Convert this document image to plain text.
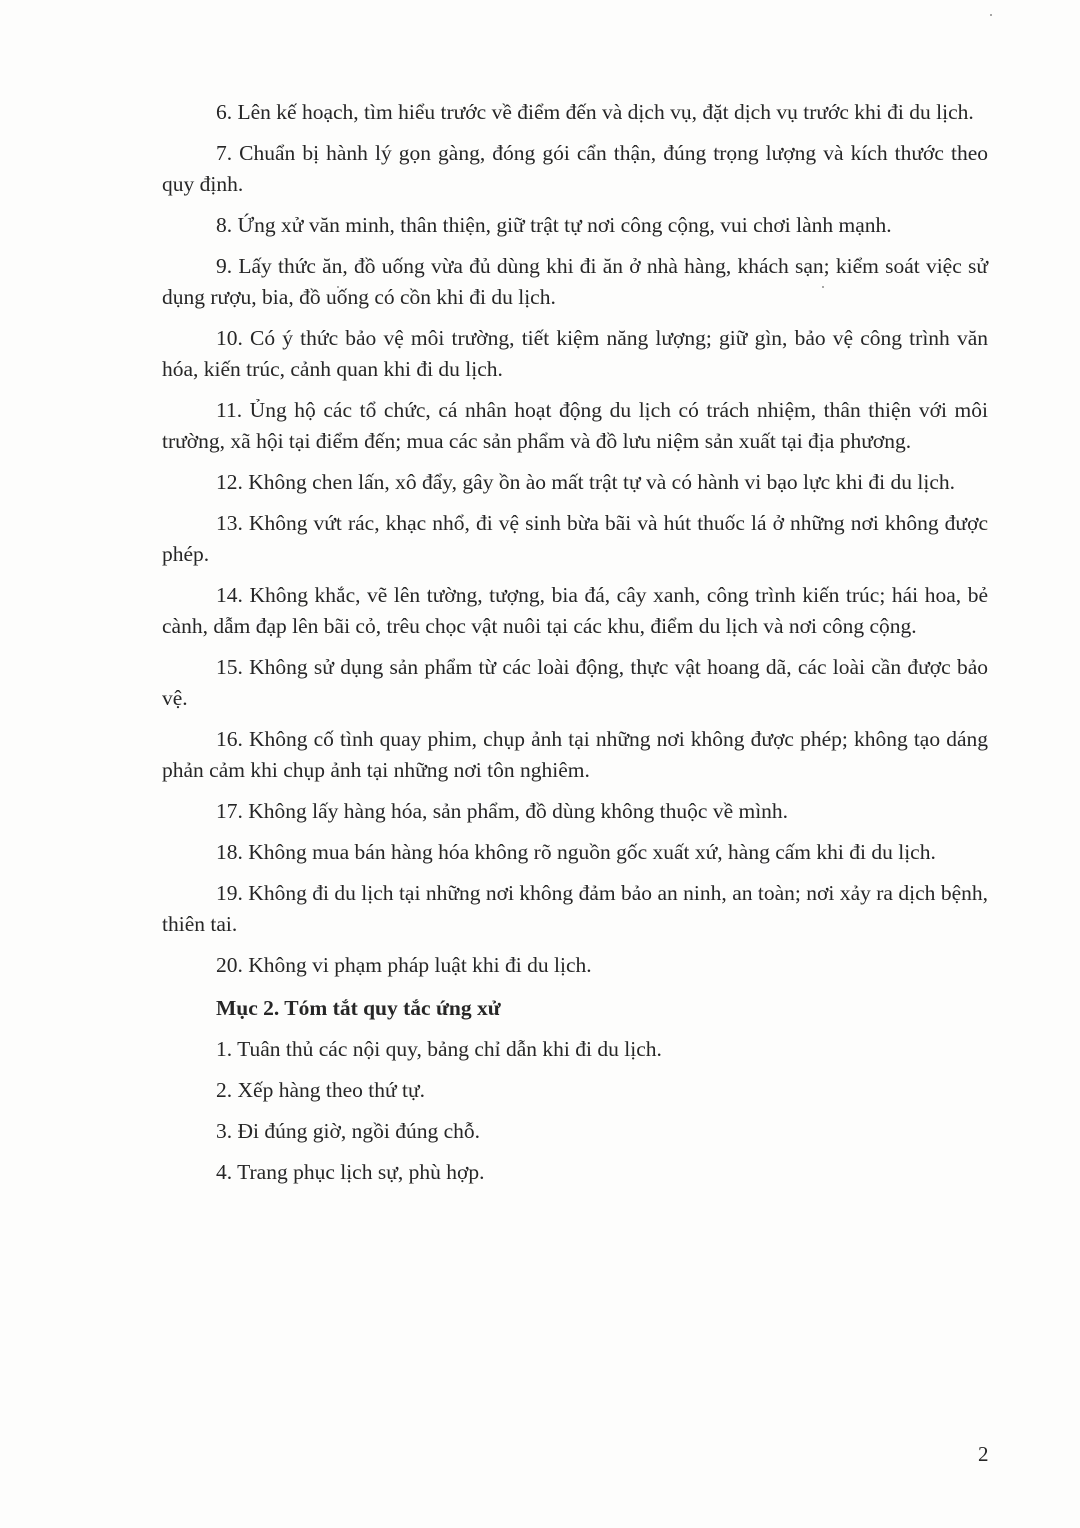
6. Lên kế hoạch, tìm hiểu trước về điểm đến và dịch vụ, đặt dịch vụ trước khi đi du lịch.

7. Chuẩn bị hành lý gọn gàng, đóng gói cẩn thận, đúng trọng lượng và kích thước theo quy định.

8. Ứng xử văn minh, thân thiện, giữ trật tự nơi công cộng, vui chơi lành mạnh.

9. Lấy thức ăn, đồ uống vừa đủ dùng khi đi ăn ở nhà hàng, khách sạn; kiểm soát việc sử dụng rượu, bia, đồ uống có cồn khi đi du lịch.

10. Có ý thức bảo vệ môi trường, tiết kiệm năng lượng; giữ gìn, bảo vệ công trình văn hóa, kiến trúc, cảnh quan khi đi du lịch.

11. Ủng hộ các tổ chức, cá nhân hoạt động du lịch có trách nhiệm, thân thiện với môi trường, xã hội tại điểm đến; mua các sản phẩm và đồ lưu niệm sản xuất tại địa phương.

12. Không chen lấn, xô đẩy, gây ồn ào mất trật tự và có hành vi bạo lực khi đi du lịch.

13. Không vứt rác, khạc nhổ, đi vệ sinh bừa bãi và hút thuốc lá ở những nơi không được phép.

14. Không khắc, vẽ lên tường, tượng, bia đá, cây xanh, công trình kiến trúc; hái hoa, bẻ cành, dẫm đạp lên bãi cỏ, trêu chọc vật nuôi tại các khu, điểm du lịch và nơi công cộng.

15. Không sử dụng sản phẩm từ các loài động, thực vật hoang dã, các loài cần được bảo vệ.

16. Không cố tình quay phim, chụp ảnh tại những nơi không được phép; không tạo dáng phản cảm khi chụp ảnh tại những nơi tôn nghiêm.

17. Không lấy hàng hóa, sản phẩm, đồ dùng không thuộc về mình.

18. Không mua bán hàng hóa không rõ nguồn gốc xuất xứ, hàng cấm khi đi du lịch.

19. Không đi du lịch tại những nơi không đảm bảo an ninh, an toàn; nơi xảy ra dịch bệnh, thiên tai.

20. Không vi phạm pháp luật khi đi du lịch.

Mục 2. Tóm tắt quy tắc ứng xử

1. Tuân thủ các nội quy, bảng chỉ dẫn khi đi du lịch.

2. Xếp hàng theo thứ tự.

3. Đi đúng giờ, ngồi đúng chỗ.

4. Trang phục lịch sự, phù hợp.

2
